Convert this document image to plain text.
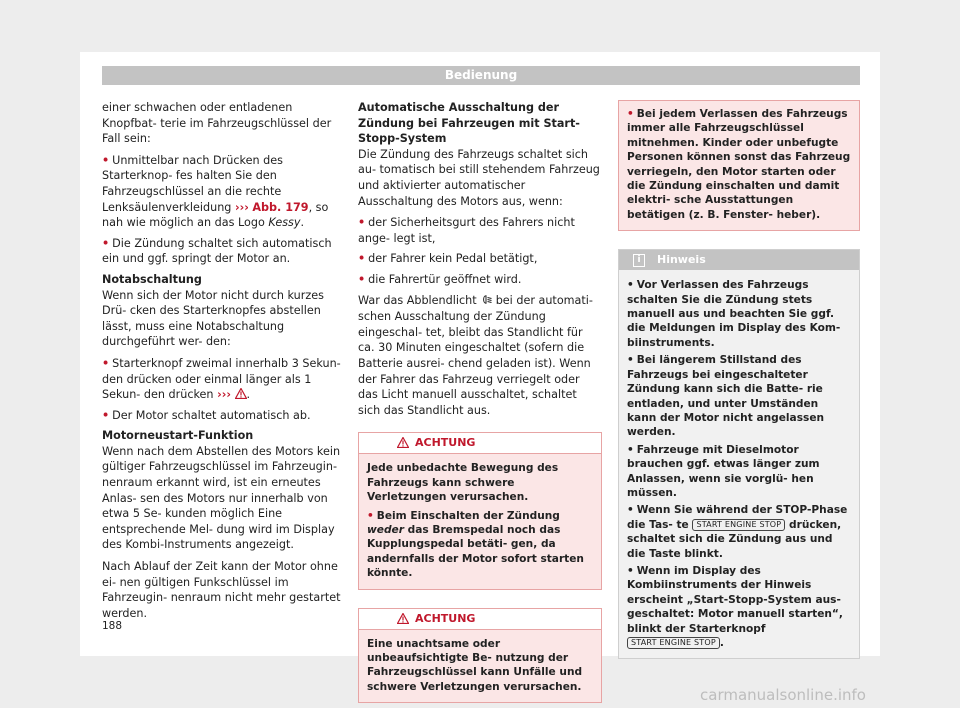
Bedienung

einer schwachen oder entladenen Knopfbat- terie im Fahrzeugschlüssel der Fall sein:

• Unmittelbar nach Drücken des Starterknop- fes halten Sie den Fahrzeugschlüssel an die rechte Lenksäulenverkleidung ››› Abb. 179, so nah wie möglich an das Logo Kessy.

• Die Zündung schaltet sich automatisch ein und ggf. springt der Motor an.

Notabschaltung

Wenn sich der Motor nicht durch kurzes Drü- cken des Starterknopfes abstellen lässt, muss eine Notabschaltung durchgeführt wer- den:

• Starterknopf zweimal innerhalb 3 Sekun- den drücken oder einmal länger als 1 Sekun- den drücken ››› .

• Der Motor schaltet automatisch ab.

Motorneustart-Funktion

Wenn nach dem Abstellen des Motors kein gültiger Fahrzeugschlüssel im Fahrzeugin- nenraum erkannt wird, ist ein erneutes Anlas- sen des Motors nur innerhalb von etwa 5 Se- kunden möglich Eine entsprechende Mel- dung wird im Display des Kombi-Instruments angezeigt.

Nach Ablauf der Zeit kann der Motor ohne ei- nen gültigen Funkschlüssel im Fahrzeugin- nenraum nicht mehr gestartet werden.

Automatische Ausschaltung der Zündung bei Fahrzeugen mit Start-Stopp-System

Die Zündung des Fahrzeugs schaltet sich au- tomatisch bei still stehendem Fahrzeug und aktivierter automatischer Ausschaltung des Motors aus, wenn:

• der Sicherheitsgurt des Fahrers nicht ange- legt ist,

• der Fahrer kein Pedal betätigt,

• die Fahrertür geöffnet wird.

War das Abblendlicht  bei der automati- schen Ausschaltung der Zündung eingeschal- tet, bleibt das Standlicht für ca. 30 Minuten eingeschaltet (sofern die Batterie ausrei- chend geladen ist). Wenn der Fahrer das Fahrzeug verriegelt oder das Licht manuell ausschaltet, schaltet sich das Standlicht aus.

ACHTUNG

Jede unbedachte Bewegung des Fahrzeugs kann schwere Verletzungen verursachen.

• Beim Einschalten der Zündung weder das Bremspedal noch das Kupplungspedal betäti- gen, da andernfalls der Motor sofort starten könnte.

ACHTUNG

Eine unachtsame oder unbeaufsichtigte Be- nutzung der Fahrzeugschlüssel kann Unfälle und schwere Verletzungen verursachen.

• Bei jedem Verlassen des Fahrzeugs immer alle Fahrzeugschlüssel mitnehmen. Kinder oder unbefugte Personen können sonst das Fahrzeug verriegeln, den Motor starten oder die Zündung einschalten und damit elektri- sche Ausstattungen betätigen (z. B. Fenster- heber).

i	Hinweis

• Vor Verlassen des Fahrzeugs schalten Sie die Zündung stets manuell aus und beachten Sie ggf. die Meldungen im Display des Kom- biinstruments.

• Bei längerem Stillstand des Fahrzeugs bei eingeschalteter Zündung kann sich die Batte- rie entladen, und unter Umständen kann der Motor nicht angelassen werden.

• Fahrzeuge mit Dieselmotor brauchen ggf. etwas länger zum Anlassen, wenn sie vorglü- hen müssen.

• Wenn Sie während der STOP-Phase die Tas- te START ENGINE STOP drücken, schaltet sich die Zündung aus und die Taste blinkt.

• Wenn im Display des Kombiinstruments der Hinweis erscheint „Start-Stopp-System aus- geschaltet: Motor manuell starten“, blinkt der Starterknopf START ENGINE STOP .

188
carmanualsonline.info
